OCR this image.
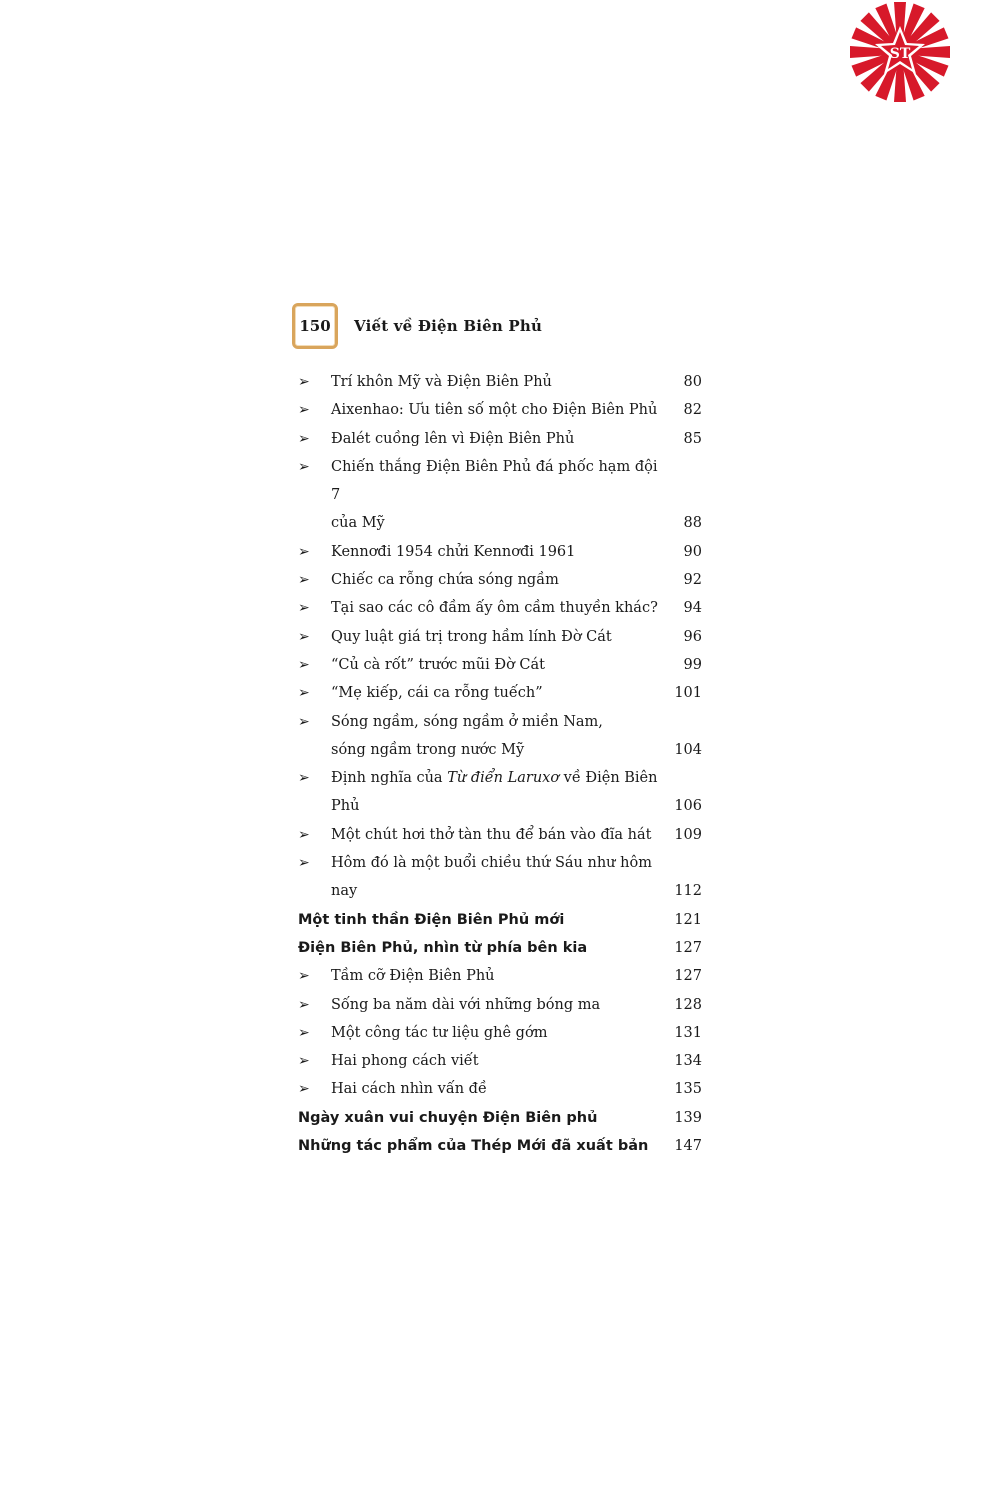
ST
150 Viết về Điện Biên Phủ
➢	Trí khôn Mỹ và Điện Biên Phủ	80
➢	Aixenhao: Ưu tiên số một cho Điện Biên Phủ	82
➢	Đalét cuồng lên vì Điện Biên Phủ	85
➢	Chiến thắng Điện Biên Phủ đá phốc hạm đội 7
của Mỹ	88
➢	Kennơđi 1954 chửi Kennơđi 1961	90
➢	Chiếc ca rỗng chứa sóng ngầm	92
➢	Tại sao các cô đầm ấy ôm cầm thuyền khác?	94
➢	Quy luật giá trị trong hầm lính Đờ Cát	96
➢	“Củ cà rốt” trước mũi Đờ Cát	99
➢	“Mẹ kiếp, cái ca rỗng tuếch”	101
➢	Sóng ngầm, sóng ngầm ở miền Nam,
sóng ngầm trong nước Mỹ	104
➢	Định nghĩa của Từ điển Laruxơ về Điện Biên Phủ	106
➢	Một chút hơi thở tàn thu để bán vào đĩa hát	109
➢	Hôm đó là một buổi chiều thứ Sáu như hôm nay	112
Một tinh thần Điện Biên Phủ mới	121
Điện Biên Phủ, nhìn từ phía bên kia	127
➢	Tầm cỡ Điện Biên Phủ	127
➢	Sống ba năm dài với những bóng ma	128
➢	Một công tác tư liệu ghê gớm	131
➢	Hai phong cách viết	134
➢	Hai cách nhìn vấn đề	135
Ngày xuân vui chuyện Điện Biên phủ	139
Những tác phẩm của Thép Mới đã xuất bản	147
